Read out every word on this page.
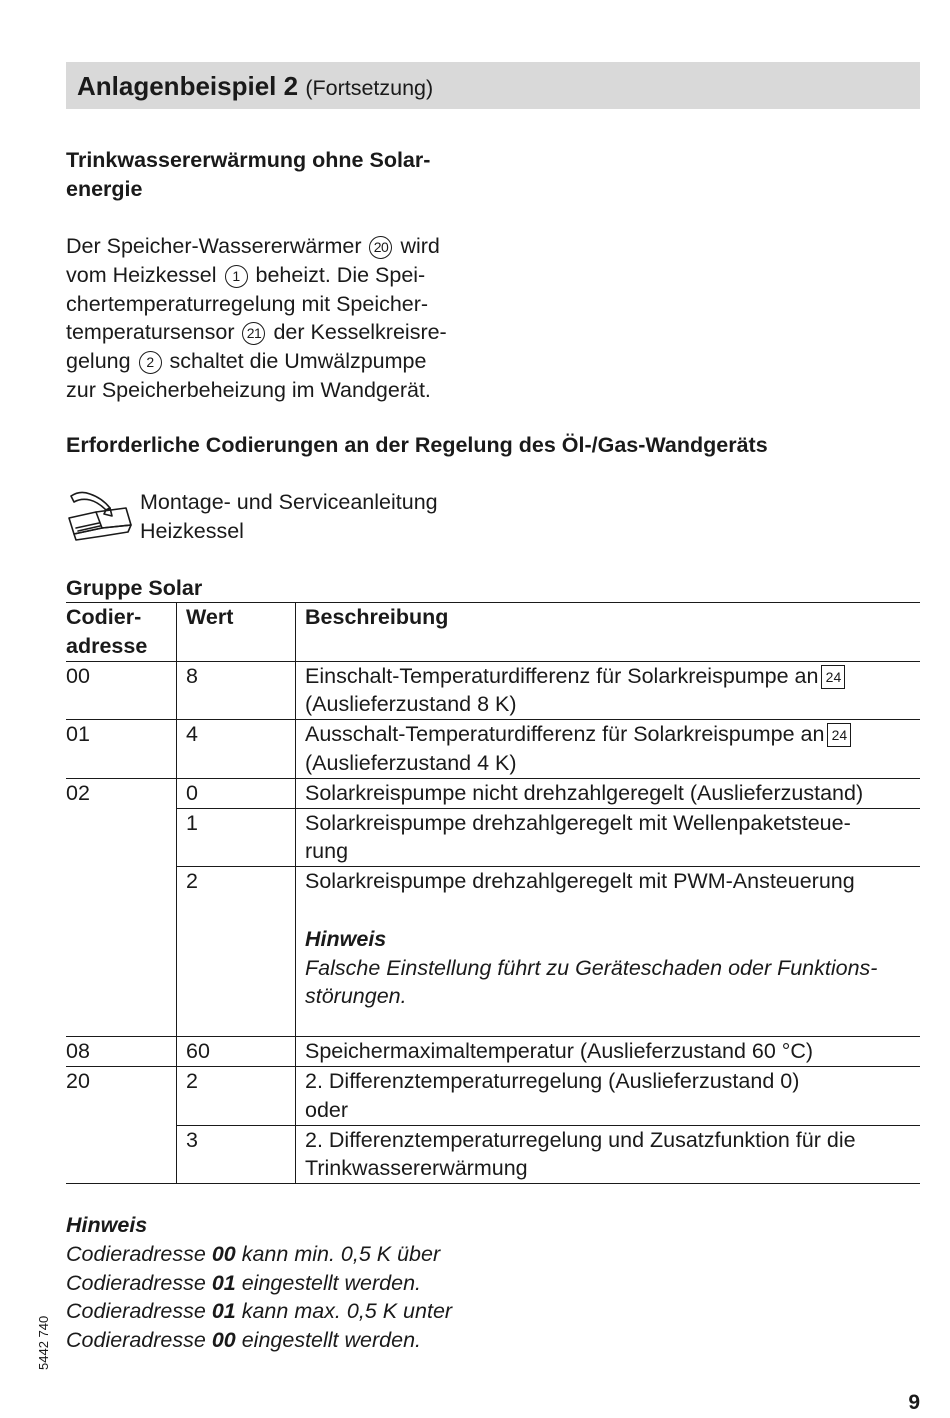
Anlagenbeispiel 2 (Fortsetzung)
Trinkwassererwärmung ohne Solar-
energie
Der Speicher-Wassererwärmer 20 wird
vom Heizkessel 1 beheizt. Die Spei-
chertemperaturregelung mit Speicher-
temperatursensor 21 der Kesselkreisre-
gelung 2 schaltet die Umwälzpumpe
zur Speicherbeheizung im Wandgerät.
Erforderliche Codierungen an der Regelung des Öl-/Gas-Wandgeräts
Montage- und Serviceanleitung
Heizkessel
Gruppe Solar
Codier-
adresse	Wert	Beschreibung
00	8	Einschalt-Temperaturdifferenz für Solarkreispumpe an 24
(Auslieferzustand 8 K)

01	4	Ausschalt-Temperaturdifferenz für Solarkreispumpe an 24
(Auslieferzustand 4 K)

02	0	Solarkreispumpe nicht drehzahlgeregelt (Auslieferzustand)
	1	Solarkreispumpe drehzahlgeregelt mit Wellenpaketsteue-
rung

	2	Solarkreispumpe drehzahlgeregelt mit PWM-Ansteuerung
Hinweis
Falsche Einstellung führt zu Geräteschaden oder Funktions-
störungen.

08	60	Speichermaximaltemperatur (Auslieferzustand 60 °C)
20	2	2. Differenztemperaturregelung (Auslieferzustand 0)
oder

	3	2. Differenztemperaturregelung und Zusatzfunktion für die
Trinkwassererwärmung
Hinweis
Codieradresse 00 kann min. 0,5 K über
Codieradresse 01 eingestellt werden.
Codieradresse 01 kann max. 0,5 K unter
Codieradresse 00 eingestellt werden.
5442 740
9
